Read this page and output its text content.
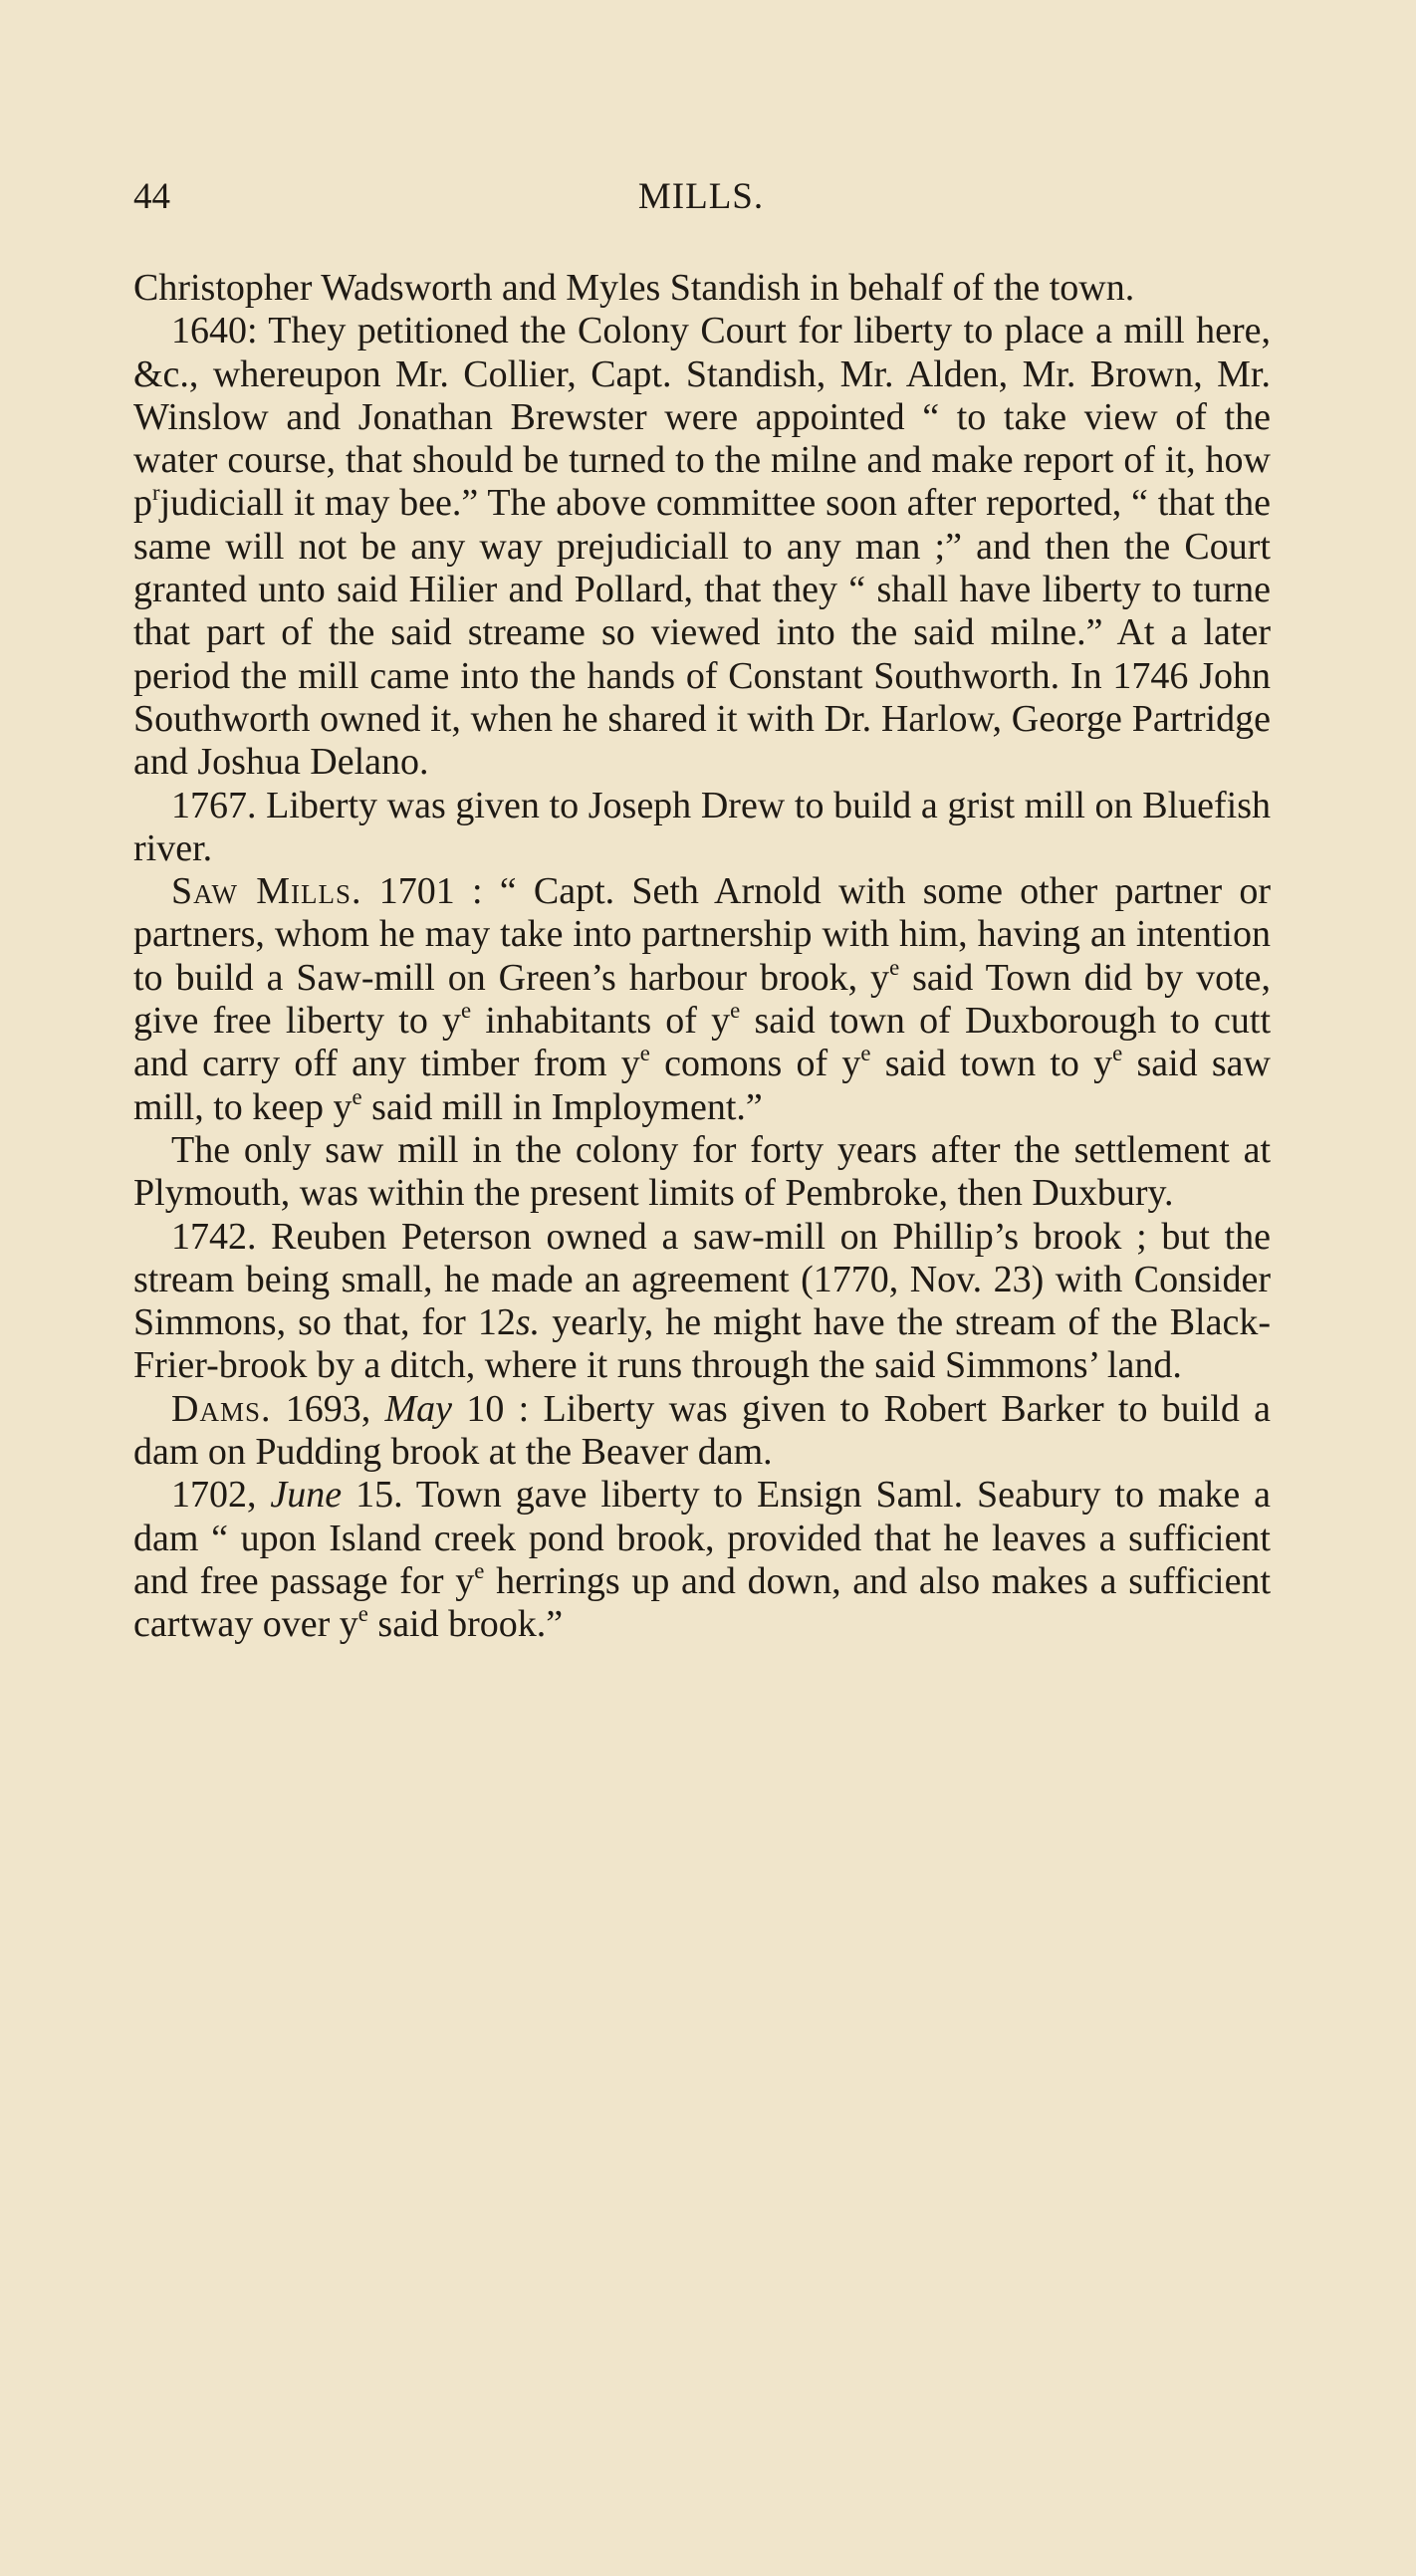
44	MILLS.

Christopher Wadsworth and Myles Standish in behalf of the town.

1640: They petitioned the Colony Court for liberty to place a mill here, &c., whereupon Mr. Collier, Capt. Standish, Mr. Alden, Mr. Brown, Mr. Winslow and Jonathan Brewster were appointed “ to take view of the water course, that should be turned to the milne and make report of it, how $p^rjudiciall$ it may bee.” The above committee soon after reported, “ that the same will not be any way prejudiciall to any man ;” and then the Court granted unto said Hilier and Pollard, that they “ shall have liberty to turne that part of the said streame so viewed into the said milne.” At a later period the mill came into the hands of Constant Southworth. In 1746 John Southworth owned it, when he shared it with Dr. Harlow, George Partridge and Joshua Delano.

1767. Liberty was given to Joseph Drew to build a grist mill on Bluefish river.

Saw Mills. 1701 : “ Capt. Seth Arnold with some other partner or partners, whom he may take into partnership with him, having an intention to build a Saw-mill on Green’s harbour brook, $y^e$ said Town did by vote, give free liberty to $y^e$ inhabitants of $y^e$ said town of Duxborough to cutt and carry off any timber from $y^e$ comons of $y^e$ said town to $y^e$ said saw mill, to keep $y^e$ said mill in Imployment.”

The only saw mill in the colony for forty years after the settlement at Plymouth, was within the present limits of Pembroke, then Duxbury.

1742. Reuben Peterson owned a saw-mill on Phillip’s brook ; but the stream being small, he made an agreement (1770, Nov. 23) with Consider Simmons, so that, for 12s. yearly, he might have the stream of the Black-Frier-brook by a ditch, where it runs through the said Simmons’ land.

Dams. 1693, May 10 : Liberty was given to Robert Barker to build a dam on Pudding brook at the Beaver dam.

1702, June 15. Town gave liberty to Ensign Saml. Seabury to make a dam “ upon Island creek pond brook, provided that he leaves a sufficient and free passage for $y^e$ herrings up and down, and also makes a sufficient cartway over $y^e$ said brook.”
